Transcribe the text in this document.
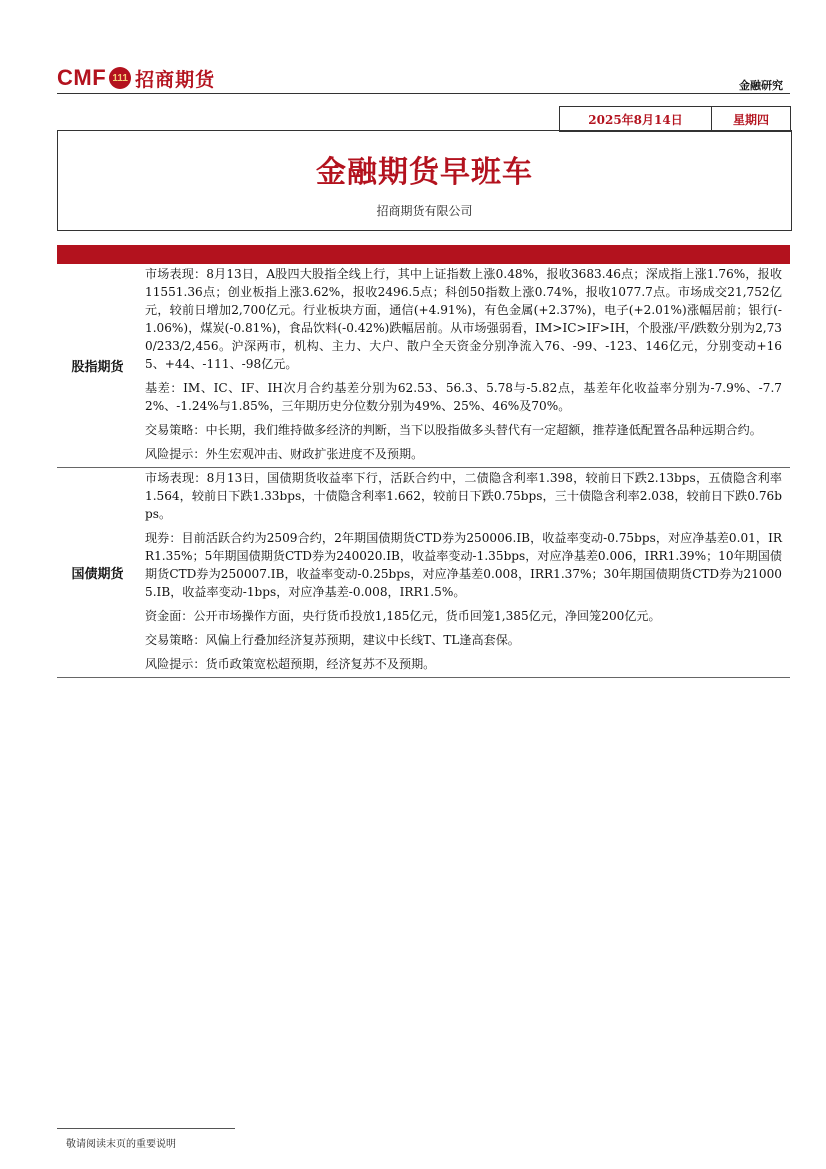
CMF 111 招商期货	金融研究
2025年8月14日	星期四
金融期货早班车
招商期货有限公司
股指期货

市场表现：8月13日，A股四大股指全线上行，其中上证指数上涨0.48%，报收3683.46点；深成指上涨1.76%，报收11551.36点；创业板指上涨3.62%，报收2496.5点；科创50指数上涨0.74%，报收1077.7点。市场成交21,752亿元，较前日增加2,700亿元。行业板块方面，通信(+4.91%)，有色金属(+2.37%)，电子(+2.01%)涨幅居前；银行(-1.06%)，煤炭(-0.81%)，食品饮料(-0.42%)跌幅居前。从市场强弱看，IM>IC>IF>IH，个股涨/平/跌数分别为2,730/233/2,456。沪深两市，机构、主力、大户、散户全天资金分别净流入76、-99、-123、146亿元，分别变动+165、+44、-111、-98亿元。

基差：IM、IC、IF、IH次月合约基差分别为62.53、56.3、5.78与-5.82点，基差年化收益率分别为-7.9%、-7.72%、-1.24%与1.85%，三年期历史分位数分别为49%、25%、46%及70%。

交易策略：中长期，我们维持做多经济的判断，当下以股指做多头替代有一定超额，推荐逢低配置各品种远期合约。

风险提示：外生宏观冲击、财政扩张进度不及预期。

国债期货

市场表现：8月13日，国债期货收益率下行，活跃合约中，二债隐含利率1.398，较前日下跌2.13bps，五债隐含利率1.564，较前日下跌1.33bps，十债隐含利率1.662，较前日下跌0.75bps，三十债隐含利率2.038，较前日下跌0.76bps。

现券：目前活跃合约为2509合约，2年期国债期货CTD券为250006.IB，收益率变动-0.75bps，对应净基差0.01，IRR1.35%；5年期国债期货CTD券为240020.IB，收益率变动-1.35bps，对应净基差0.006，IRR1.39%；10年期国债期货CTD券为250007.IB，收益率变动-0.25bps，对应净基差0.008，IRR1.37%；30年期国债期货CTD券为210005.IB，收益率变动-1bps，对应净基差-0.008，IRR1.5%。

资金面：公开市场操作方面，央行货币投放1,185亿元，货币回笼1,385亿元，净回笼200亿元。

交易策略：风偏上行叠加经济复苏预期，建议中长线T、TL逢高套保。

风险提示：货币政策宽松超预期，经济复苏不及预期。

敬请阅读末页的重要说明
